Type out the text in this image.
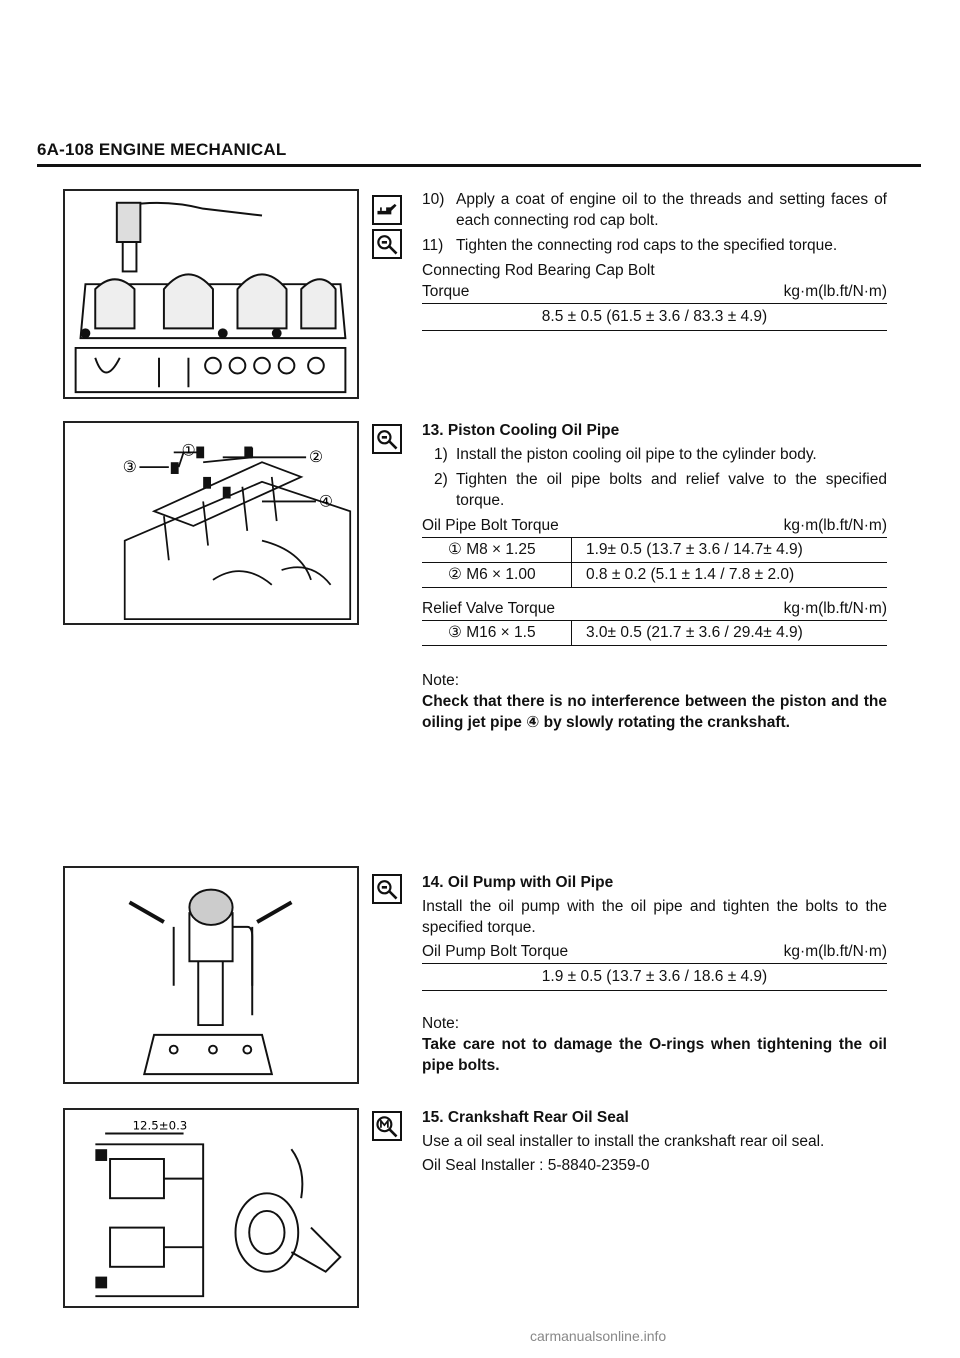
6A-108 ENGINE MECHANICAL
①	②
③
④
12.5±0.3
10) Apply a coat of engine oil to the threads and setting faces of each connecting rod cap bolt.
11) Tighten the connecting rod caps to the specified torque.
Connecting Rod Bearing Cap Bolt
Torque	kg·m(lb.ft/N·m)
8.5 ± 0.5 (61.5 ± 3.6 / 83.3 ± 4.9)
13. Piston Cooling Oil Pipe
1) Install the piston cooling oil pipe to the cylinder body.
2) Tighten the oil pipe bolts and relief valve to the specified torque.
Oil Pipe Bolt Torque	kg·m(lb.ft/N·m)
① M8 × 1.25	1.9± 0.5 (13.7 ± 3.6 / 14.7± 4.9)
② M6 × 1.00	0.8 ± 0.2 (5.1 ± 1.4 / 7.8 ± 2.0)
Relief Valve Torque	kg·m(lb.ft/N·m)
③ M16 × 1.5	3.0± 0.5 (21.7 ± 3.6 / 29.4± 4.9)
Note:
Check that there is no interference between the piston and the oiling jet pipe ④ by slowly rotating the crankshaft.
14. Oil Pump with Oil Pipe
Install the oil pump with the oil pipe and tighten the bolts to the specified torque.
Oil Pump Bolt Torque	kg·m(lb.ft/N·m)
1.9 ± 0.5 (13.7 ± 3.6 / 18.6 ± 4.9)
Note:
Take care not to damage the O-rings when tightening the oil pipe bolts.
15. Crankshaft Rear Oil Seal
Use a oil seal installer to install the crankshaft rear oil seal.
Oil Seal Installer : 5-8840-2359-0
carmanualsonline.info
